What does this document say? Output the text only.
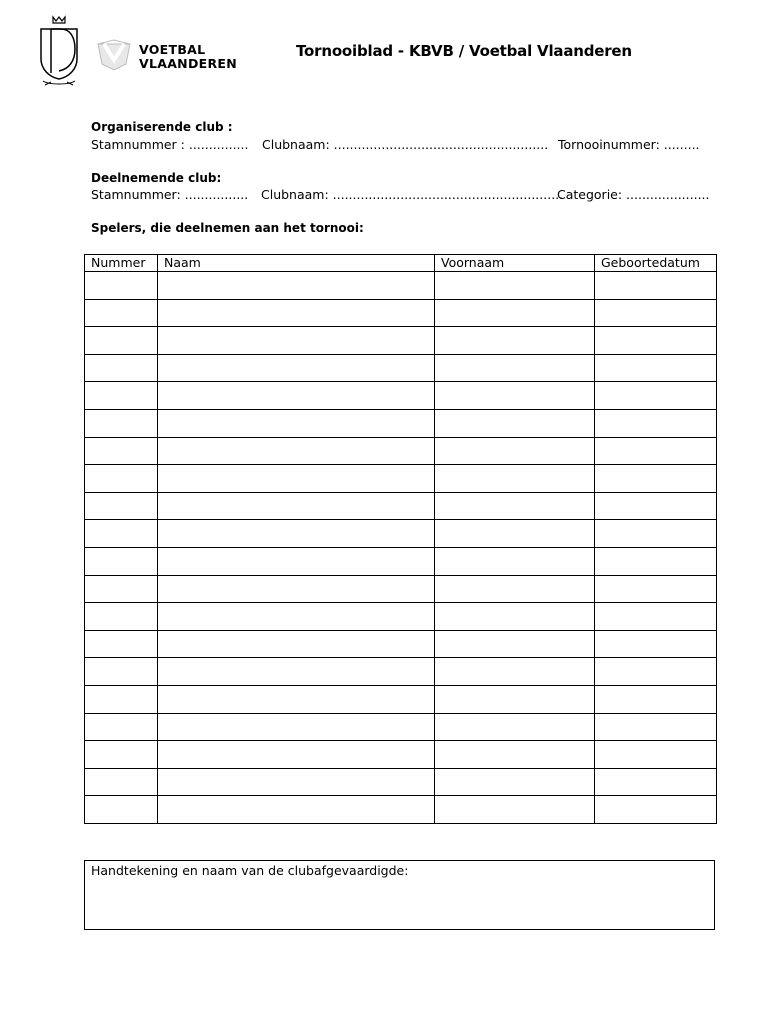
VOETBAL
VLAANDEREN
Tornooiblad - KBVB / Voetbal Vlaanderen
Organiserende club :
Stamnummer : ............... Clubnaam: ...................................................... Tornooinummer: .........
Deelnemende club:
Stamnummer: ................ Clubnaam: ..........................................................
Categorie: .....................
Spelers, die deelnemen aan het tornooi:
Nummer	Naam	Voornaam	Geboortedatum

Handtekening en naam van de clubafgevaardigde:
